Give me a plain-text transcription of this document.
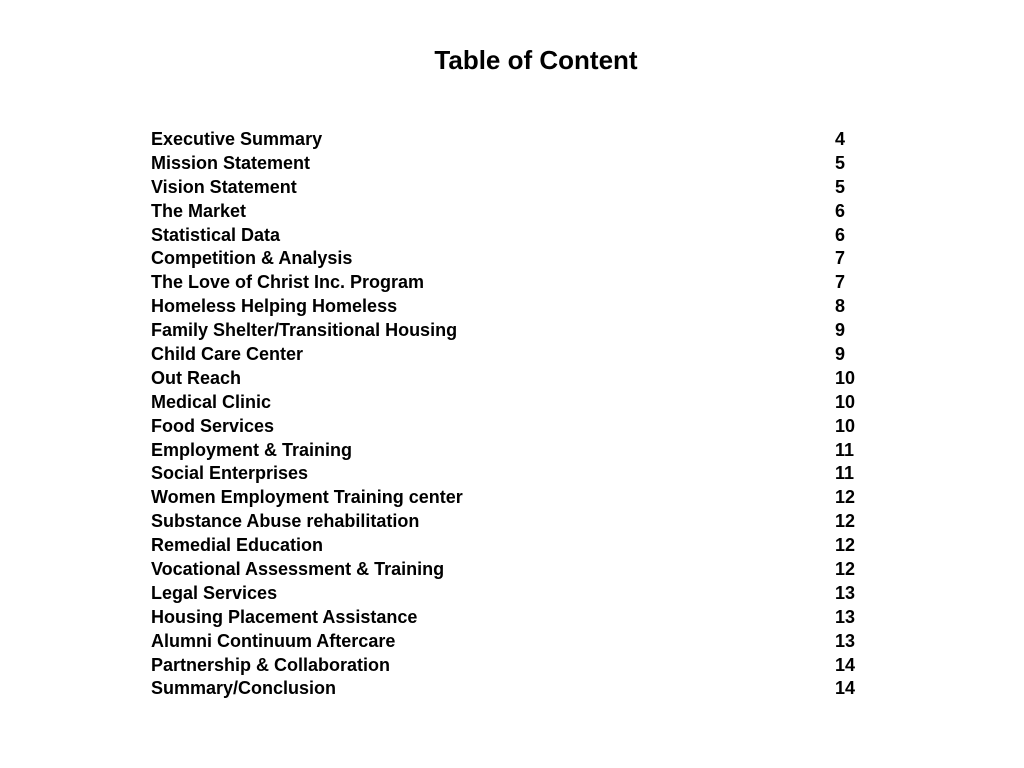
Table of Content
Executive Summary	4
Mission Statement	5
Vision Statement	5
The Market	6
Statistical Data	6
Competition & Analysis	7
The Love of Christ Inc. Program	7
Homeless Helping Homeless	8
Family Shelter/Transitional Housing	9
Child Care Center	9
Out Reach	10
Medical Clinic	10
Food Services	10
Employment & Training	11
Social Enterprises	11
Women Employment Training center	12
Substance Abuse rehabilitation	12
Remedial Education	12
Vocational Assessment & Training	12
Legal Services	13
Housing Placement Assistance	13
Alumni Continuum Aftercare	13
Partnership & Collaboration	14
Summary/Conclusion	14
